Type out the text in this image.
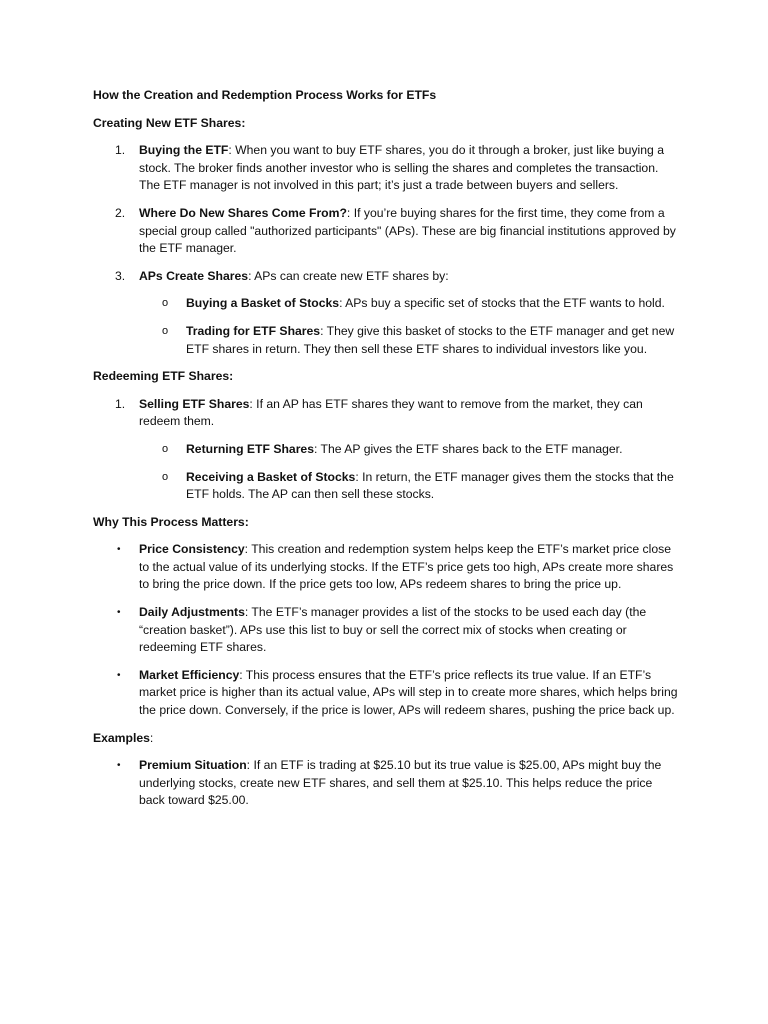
How the Creation and Redemption Process Works for ETFs

Creating New ETF Shares:

1.	Buying the ETF: When you want to buy ETF shares, you do it through a broker, just like buying a stock. The broker finds another investor who is selling the shares and completes the transaction. The ETF manager is not involved in this part; it’s just a trade between buyers and sellers.
2.	Where Do New Shares Come From?: If you’re buying shares for the first time, they come from a special group called "authorized participants" (APs). These are big financial institutions approved by the ETF manager.
3.	APs Create Shares: APs can create new ETF shares by:
o Buying a Basket of Stocks: APs buy a specific set of stocks that the ETF wants to hold.
o Trading for ETF Shares: They give this basket of stocks to the ETF manager and get new ETF shares in return. They then sell these ETF shares to individual investors like you.

Redeeming ETF Shares:

1.	Selling ETF Shares: If an AP has ETF shares they want to remove from the market, they can redeem them.
o Returning ETF Shares: The AP gives the ETF shares back to the ETF manager.
o Receiving a Basket of Stocks: In return, the ETF manager gives them the stocks that the ETF holds. The AP can then sell these stocks.

Why This Process Matters:

• Price Consistency: This creation and redemption system helps keep the ETF’s market price close to the actual value of its underlying stocks. If the ETF’s price gets too high, APs create more shares to bring the price down. If the price gets too low, APs redeem shares to bring the price up.
• Daily Adjustments: The ETF’s manager provides a list of the stocks to be used each day (the “creation basket”). APs use this list to buy or sell the correct mix of stocks when creating or redeeming ETF shares.
• Market Efficiency: This process ensures that the ETF’s price reflects its true value. If an ETF’s market price is higher than its actual value, APs will step in to create more shares, which helps bring the price down. Conversely, if the price is lower, APs will redeem shares, pushing the price back up.

Examples:

• Premium Situation: If an ETF is trading at $25.10 but its true value is $25.00, APs might buy the underlying stocks, create new ETF shares, and sell them at $25.10. This helps reduce the price back toward $25.00.
